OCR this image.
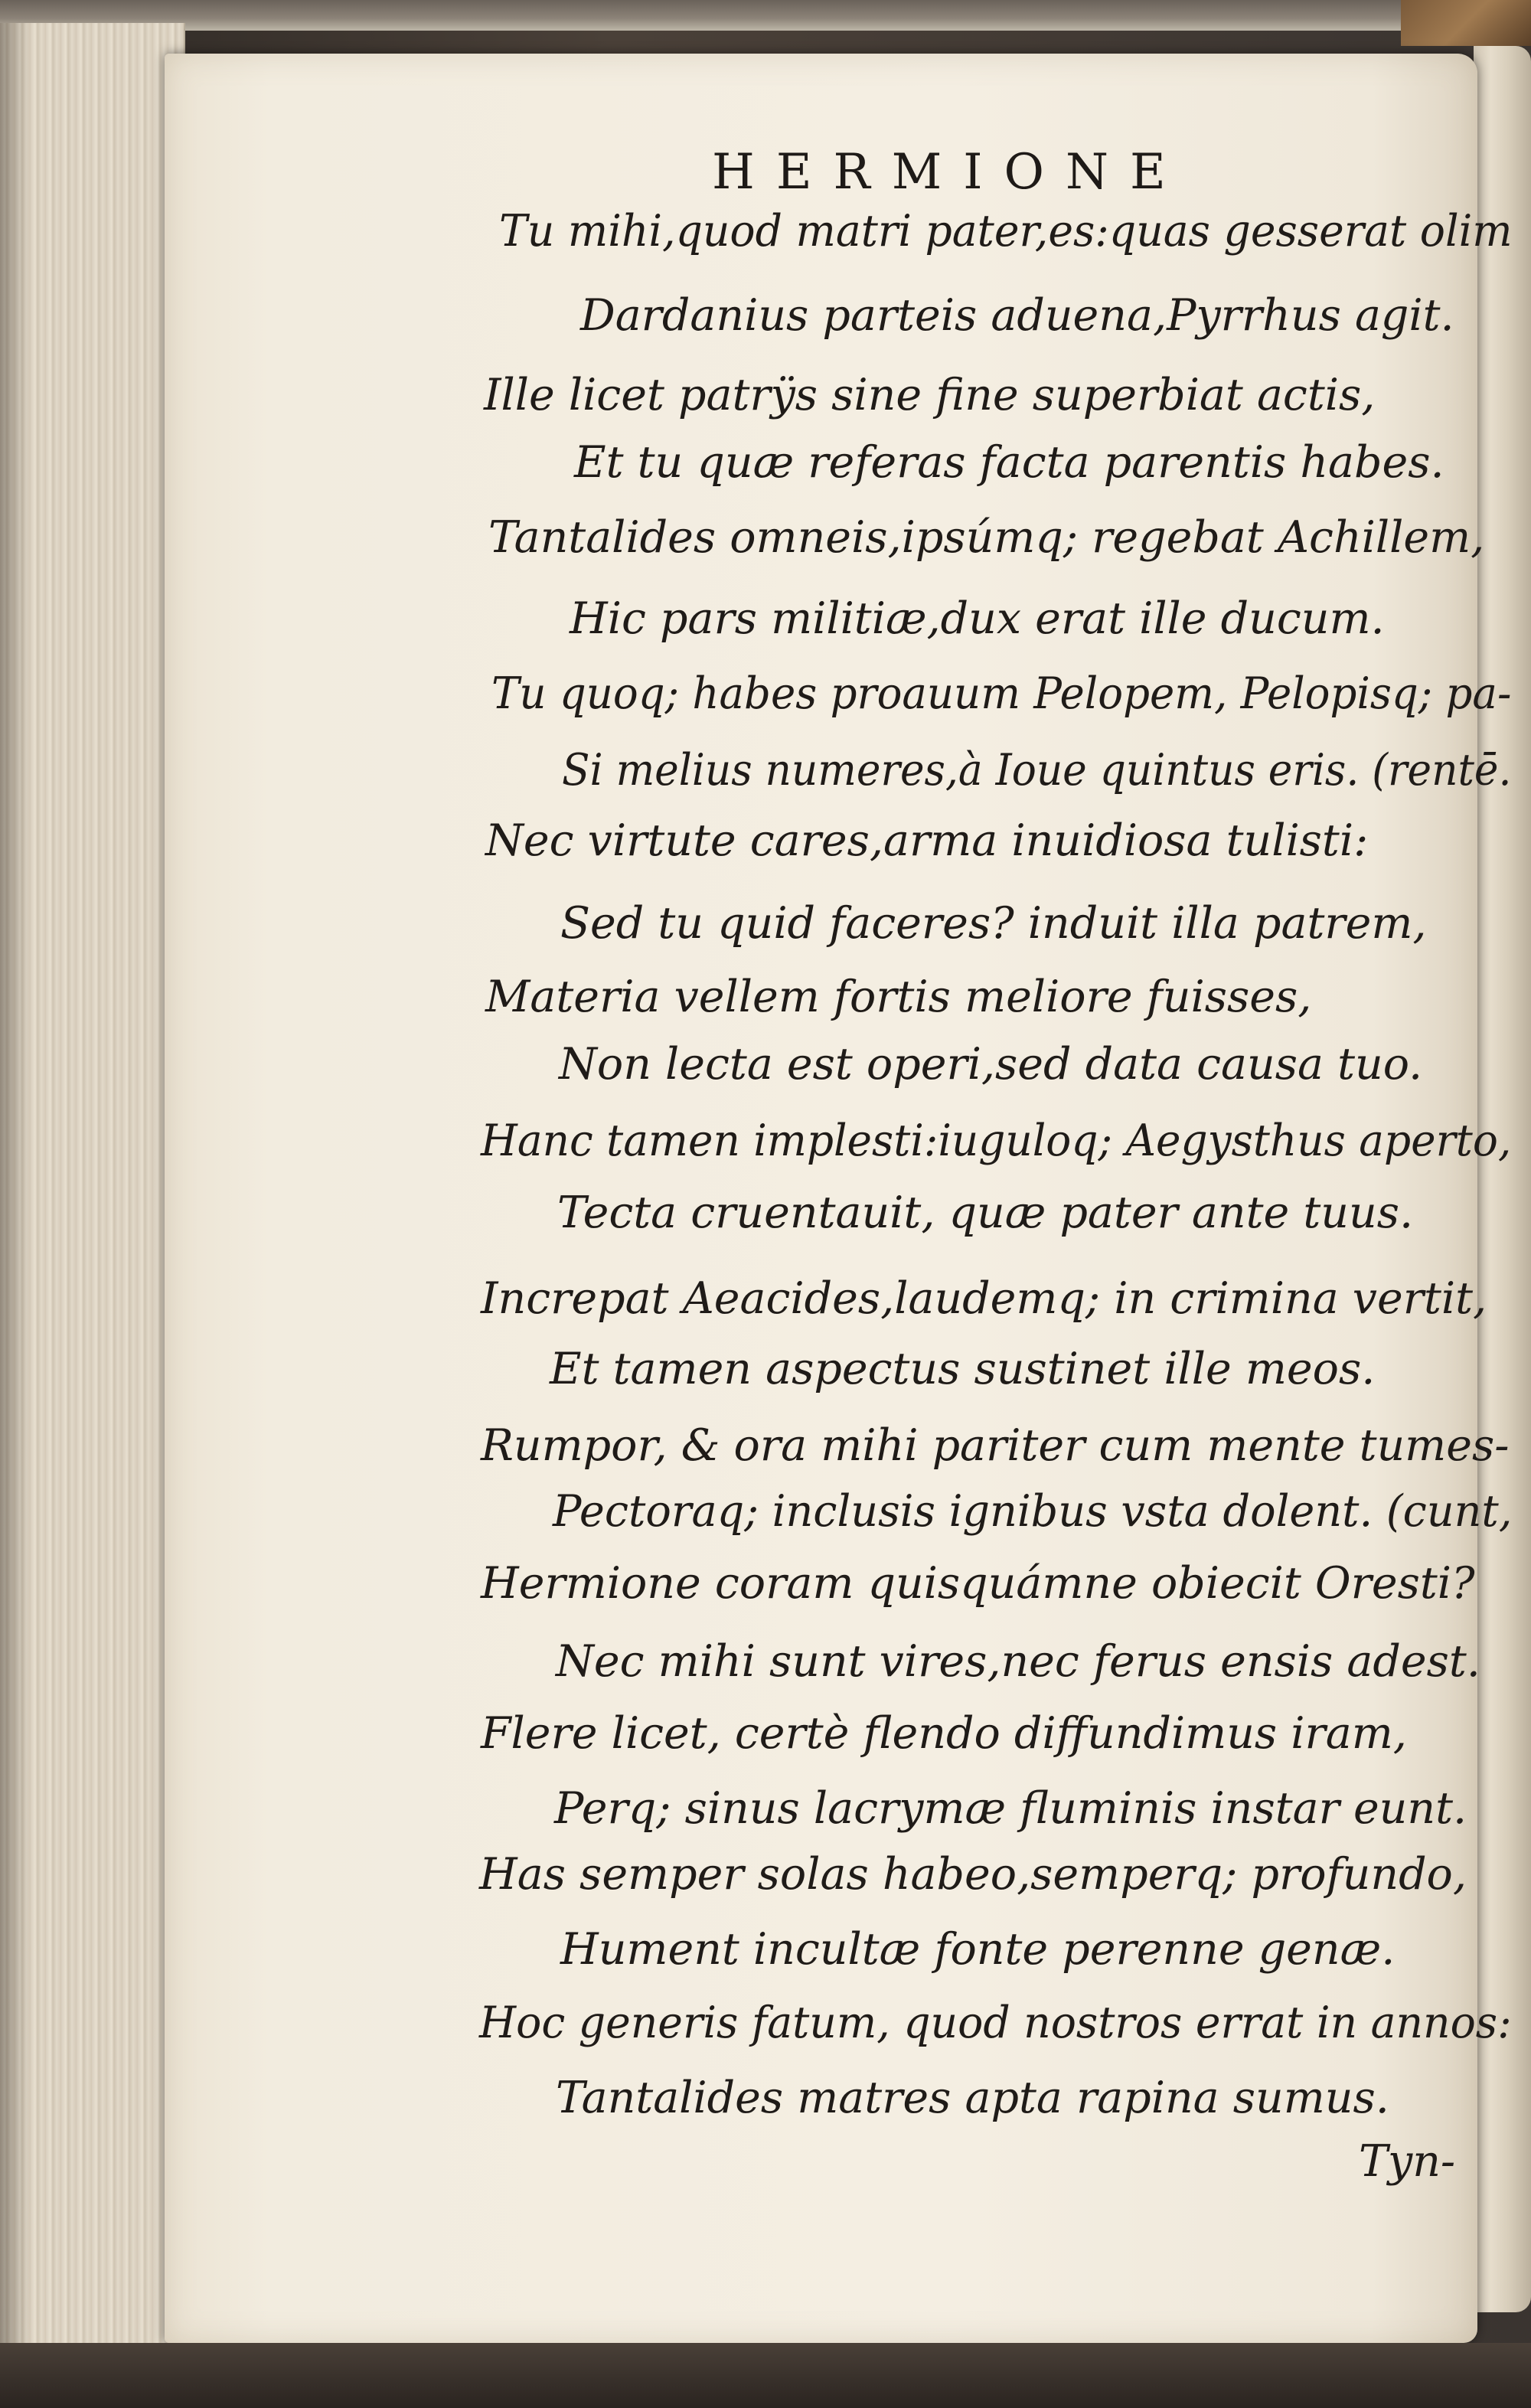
HERMIONE
Tu mihi,quod matri pater,es:quas gesserat olim
Dardanius parteis aduena,Pyrrhus agit.
Ille licet patrÿs sine fine superbiat actis,
Et tu quæ referas facta parentis habes.
Tantalides omneis,ipsúmq; regebat Achillem,
Hic pars militiæ,dux erat ille ducum.
Tu quoq; habes proauum Pelopem, Pelopisq; pa-
Si melius numeres,à Ioue quintus eris. (rentē.
Nec virtute cares,arma inuidiosa tulisti:
Sed tu quid faceres? induit illa patrem,
Materia vellem fortis meliore fuisses,
Non lecta est operi,sed data causa tuo.
Hanc tamen implesti:iuguloq; Aegysthus aperto,
Tecta cruentauit, quæ pater ante tuus.
Increpat Aeacides,laudemq; in crimina vertit,
Et tamen aspectus sustinet ille meos.
Rumpor, & ora mihi pariter cum mente tumes-
Pectoraq; inclusis ignibus vsta dolent. (cunt,
Hermione coram quisquámne obiecit Oresti?
Nec mihi sunt vires,nec ferus ensis adest.
Flere licet, certè flendo diffundimus iram,
Perq; sinus lacrymæ fluminis instar eunt.
Has semper solas habeo,semperq; profundo,
Hument incultæ fonte perenne genæ.
Hoc generis fatum, quod nostros errat in annos:
Tantalides matres apta rapina sumus.
Tyn-
